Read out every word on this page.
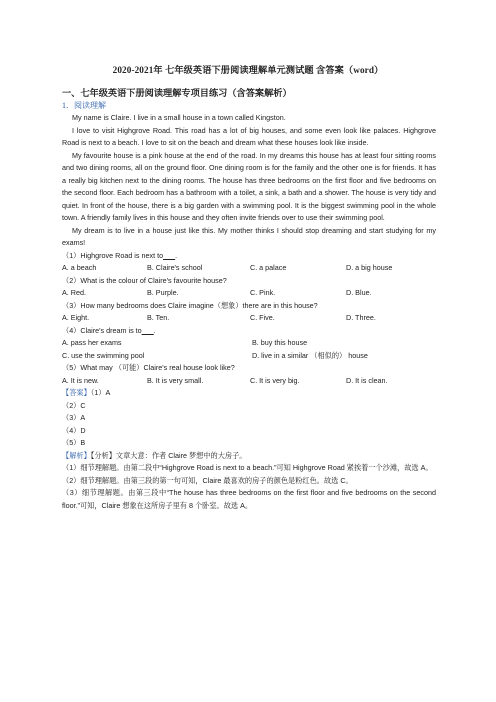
2020-2021年 七年级英语下册阅读理解单元测试题 含答案（word）
一、七年级英语下册阅读理解专项目练习（含答案解析）
1．阅读理解

My name is Claire. I live in a small house in a town called Kingston.

I love to visit Highgrove Road. This road has a lot of big houses, and some even look like palaces. Highgrove Road is next to a beach. I love to sit on the beach and dream what these houses look like inside.

My favourite house is a pink house at the end of the road. In my dreams this house has at least four sitting rooms and two dining rooms, all on the ground floor. One dining room is for the family and the other one is for friends. It has a really big kitchen next to the dining rooms. The house has three bedrooms on the first floor and five bedrooms on the second floor. Each bedroom has a bathroom with a toilet, a sink, a bath and a shower. The house is very tidy and quiet. In front of the house, there is a big garden with a swimming pool. It is the biggest swimming pool in the whole town. A friendly family lives in this house and they often invite friends over to use their swimming pool.

My dream is to live in a house just like this. My mother thinks I should stop dreaming and start studying for my exams!

（1）Highgrove Road is next to___.

A. a beach	B. Claire's school	C. a palace	D. a big house

（2）What is the colour of Claire's favourite house?

A. Red.	B. Purple.	C. Pink.	D. Blue.

（3）How many bedrooms does Claire imagine（想象）there are in this house?

A. Eight.	B. Ten.	C. Five.	D. Three.

（4）Claire's dream is to___.

A. pass her exams	B. buy this house
C. use the swimming pool	D. live in a similar （相似的） house

（5）What may （可能）Claire's real house look like?

A. It is new.	B. It is very small.	C. It is very big.	D. It is clean.

【答案】（1）A

（2）C

（3）A

（4）D

（5）B

【解析】【分析】文章大意：作者 Claire 梦想中的大房子。

（1）细节理解题。由第二段中“Highgrove Road is next to a beach.”可知 Highgrove Road 紧挨着一个沙滩，故选 A。

（2）细节理解题。由第三段的第一句可知，Claire 最喜欢的房子的颜色是粉红色。故选 C。

（3）细节理解题。由第三段中“The house has three bedrooms on the first floor and five bedrooms on the second floor.”可知，Claire 想象在这所房子里有 8 个卧室。故选 A。
